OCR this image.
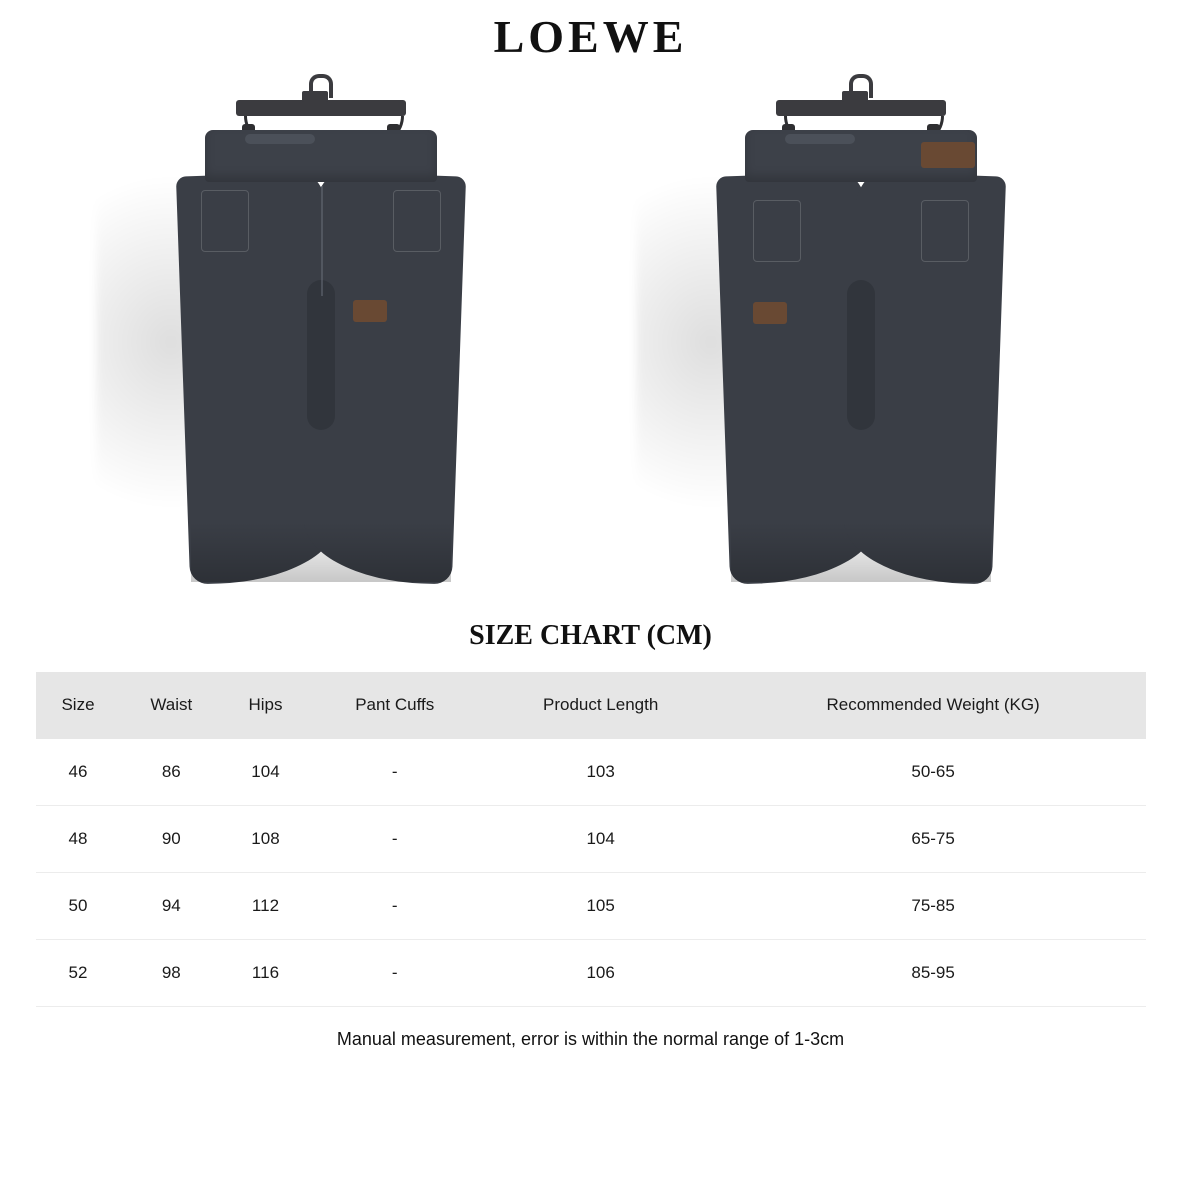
LOEWE
SIZE CHART (CM)
Size	Waist	Hips	Pant Cuffs	Product Length	Recommended Weight (KG)
46	86	104	-	103	50-65
48	90	108	-	104	65-75
50	94	112	-	105	75-85
52	98	116	-	106	85-95
Manual measurement, error is within the normal range of 1-3cm
